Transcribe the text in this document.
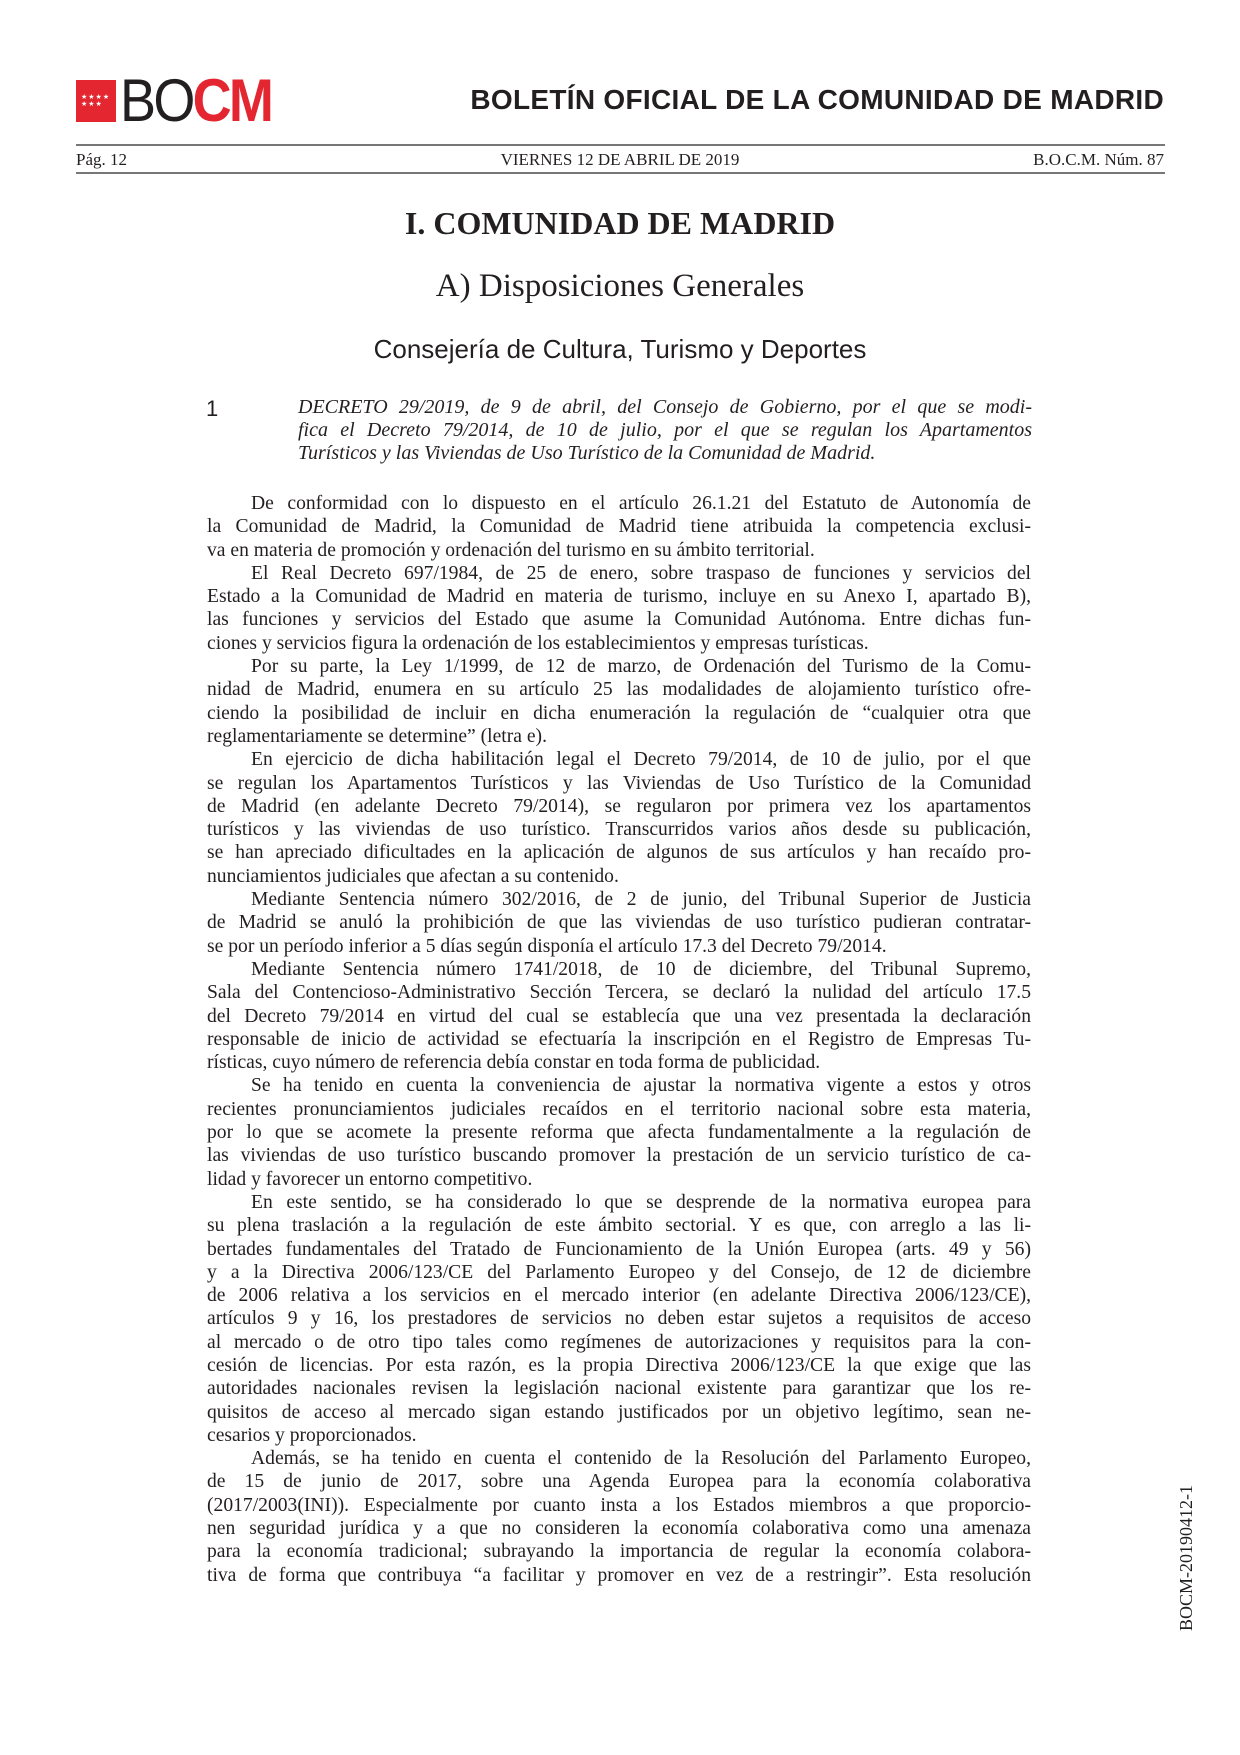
★★★★
★★★ BOCM	BOLETÍN OFICIAL DE LA COMUNIDAD DE MADRID
Pág. 12	VIERNES 12 DE ABRIL DE 2019	B.O.C.M. Núm. 87
I. COMUNIDAD DE MADRID
A) Disposiciones Generales
Consejería de Cultura, Turismo y Deportes
1	DECRETO 29/2019, de 9 de abril, del Consejo de Gobierno, por el que se modi-
fica el Decreto 79/2014, de 10 de julio, por el que se regulan los Apartamentos
Turísticos y las Viviendas de Uso Turístico de la Comunidad de Madrid.
De conformidad con lo dispuesto en el artículo 26.1.21 del Estatuto de Autonomía de
la Comunidad de Madrid, la Comunidad de Madrid tiene atribuida la competencia exclusi-
va en materia de promoción y ordenación del turismo en su ámbito territorial.
El Real Decreto 697/1984, de 25 de enero, sobre traspaso de funciones y servicios del
Estado a la Comunidad de Madrid en materia de turismo, incluye en su Anexo I, apartado B),
las funciones y servicios del Estado que asume la Comunidad Autónoma. Entre dichas fun-
ciones y servicios figura la ordenación de los establecimientos y empresas turísticas.
Por su parte, la Ley 1/1999, de 12 de marzo, de Ordenación del Turismo de la Comu-
nidad de Madrid, enumera en su artículo 25 las modalidades de alojamiento turístico ofre-
ciendo la posibilidad de incluir en dicha enumeración la regulación de “cualquier otra que
reglamentariamente se determine” (letra e).
En ejercicio de dicha habilitación legal el Decreto 79/2014, de 10 de julio, por el que
se regulan los Apartamentos Turísticos y las Viviendas de Uso Turístico de la Comunidad
de Madrid (en adelante Decreto 79/2014), se regularon por primera vez los apartamentos
turísticos y las viviendas de uso turístico. Transcurridos varios años desde su publicación,
se han apreciado dificultades en la aplicación de algunos de sus artículos y han recaído pro-
nunciamientos judiciales que afectan a su contenido.
Mediante Sentencia número 302/2016, de 2 de junio, del Tribunal Superior de Justicia
de Madrid se anuló la prohibición de que las viviendas de uso turístico pudieran contratar-
se por un período inferior a 5 días según disponía el artículo 17.3 del Decreto 79/2014.
Mediante Sentencia número 1741/2018, de 10 de diciembre, del Tribunal Supremo,
Sala del Contencioso-Administrativo Sección Tercera, se declaró la nulidad del artículo 17.5
del Decreto 79/2014 en virtud del cual se establecía que una vez presentada la declaración
responsable de inicio de actividad se efectuaría la inscripción en el Registro de Empresas Tu-
rísticas, cuyo número de referencia debía constar en toda forma de publicidad.
Se ha tenido en cuenta la conveniencia de ajustar la normativa vigente a estos y otros
recientes pronunciamientos judiciales recaídos en el territorio nacional sobre esta materia,
por lo que se acomete la presente reforma que afecta fundamentalmente a la regulación de
las viviendas de uso turístico buscando promover la prestación de un servicio turístico de ca-
lidad y favorecer un entorno competitivo.
En este sentido, se ha considerado lo que se desprende de la normativa europea para
su plena traslación a la regulación de este ámbito sectorial. Y es que, con arreglo a las li-
bertades fundamentales del Tratado de Funcionamiento de la Unión Europea (arts. 49 y 56)
y a la Directiva 2006/123/CE del Parlamento Europeo y del Consejo, de 12 de diciembre
de 2006 relativa a los servicios en el mercado interior (en adelante Directiva 2006/123/CE),
artículos 9 y 16, los prestadores de servicios no deben estar sujetos a requisitos de acceso
al mercado o de otro tipo tales como regímenes de autorizaciones y requisitos para la con-
cesión de licencias. Por esta razón, es la propia Directiva 2006/123/CE la que exige que las
autoridades nacionales revisen la legislación nacional existente para garantizar que los re-
quisitos de acceso al mercado sigan estando justificados por un objetivo legítimo, sean ne-
cesarios y proporcionados.
Además, se ha tenido en cuenta el contenido de la Resolución del Parlamento Europeo,
de 15 de junio de 2017, sobre una Agenda Europea para la economía colaborativa
(2017/2003(INI)). Especialmente por cuanto insta a los Estados miembros a que proporcio-
nen seguridad jurídica y a que no consideren la economía colaborativa como una amenaza
para la economía tradicional; subrayando la importancia de regular la economía colabora-
tiva de forma que contribuya “a facilitar y promover en vez de a restringir”. Esta resolución	BOCM-20190412-1
